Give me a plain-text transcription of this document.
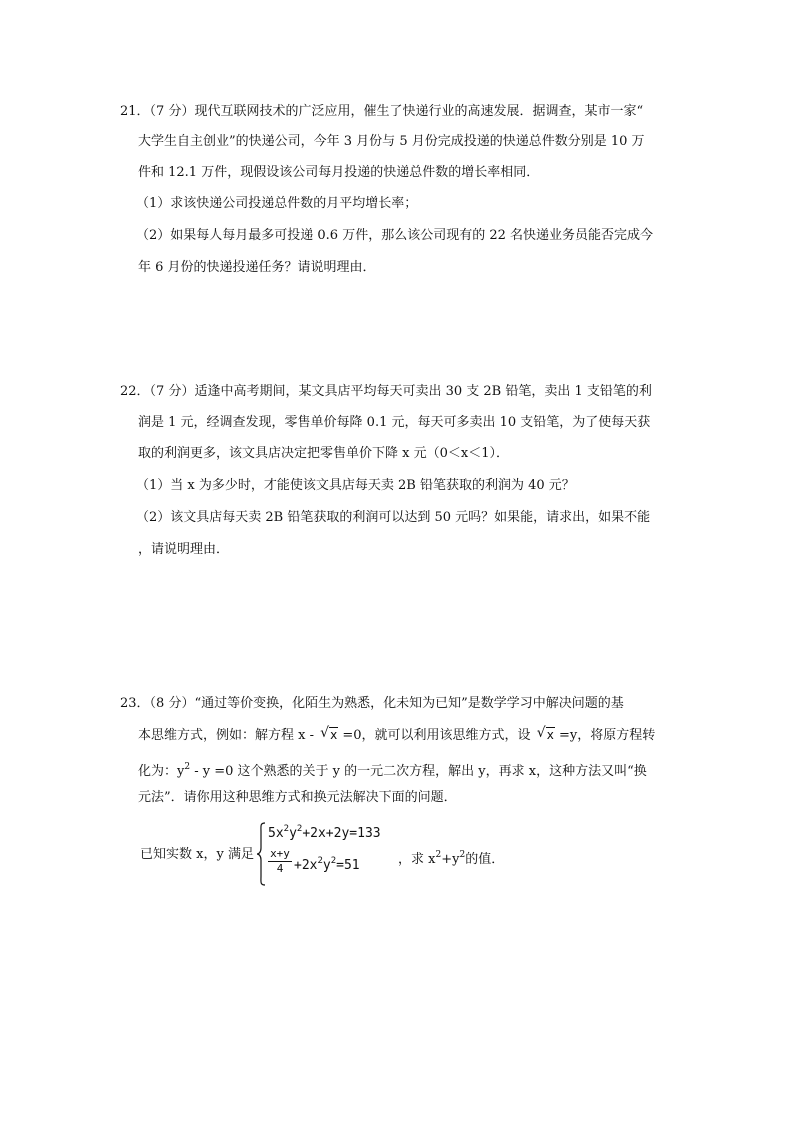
21．（7 分）现代互联网技术的广泛应用，催生了快递行业的高速发展．据调查，某市一家“
大学生自主创业”的快递公司，今年 3 月份与 5 月份完成投递的快递总件数分别是 10 万
件和 12.1 万件，现假设该公司每月投递的快递总件数的增长率相同．
（1）求该快递公司投递总件数的月平均增长率；
（2）如果每人每月最多可投递 0.6 万件，那么该公司现有的 22 名快递业务员能否完成今
年 6 月份的快递投递任务？请说明理由．
22．（7 分）适逢中高考期间，某文具店平均每天可卖出 30 支 2B 铅笔，卖出 1 支铅笔的利
润是 1 元，经调查发现，零售单价每降 0.1 元，每天可多卖出 10 支铅笔，为了使每天获
取的利润更多，该文具店决定把零售单价下降 x 元（0＜x＜1）．
（1）当 x 为多少时，才能使该文具店每天卖 2B 铅笔获取的利润为 40 元？
（2）该文具店每天卖 2B 铅笔获取的利润可以达到 50 元吗？如果能，请求出，如果不能
，请说明理由．
23．（8 分）“通过等价变换，化陌生为熟悉，化未知为已知”是数学学习中解决问题的基
本思维方式，例如：解方程 x - √ x =0，就可以利用该思维方式，设 √ x =y，将原方程转
化为：$y^2 - y =0$ 这个熟悉的关于 y 的一元二次方程，解出 y，再求 x，这种方法又叫“换
元法”．请你用这种思维方式和换元法解决下面的问题．
已知实数 x，y 满足
$5x^2y^2+2x+2y=133$
$\frac{x+y}{4} +2x^2y^2=51$	，求 $x^2+y^2$的值．
